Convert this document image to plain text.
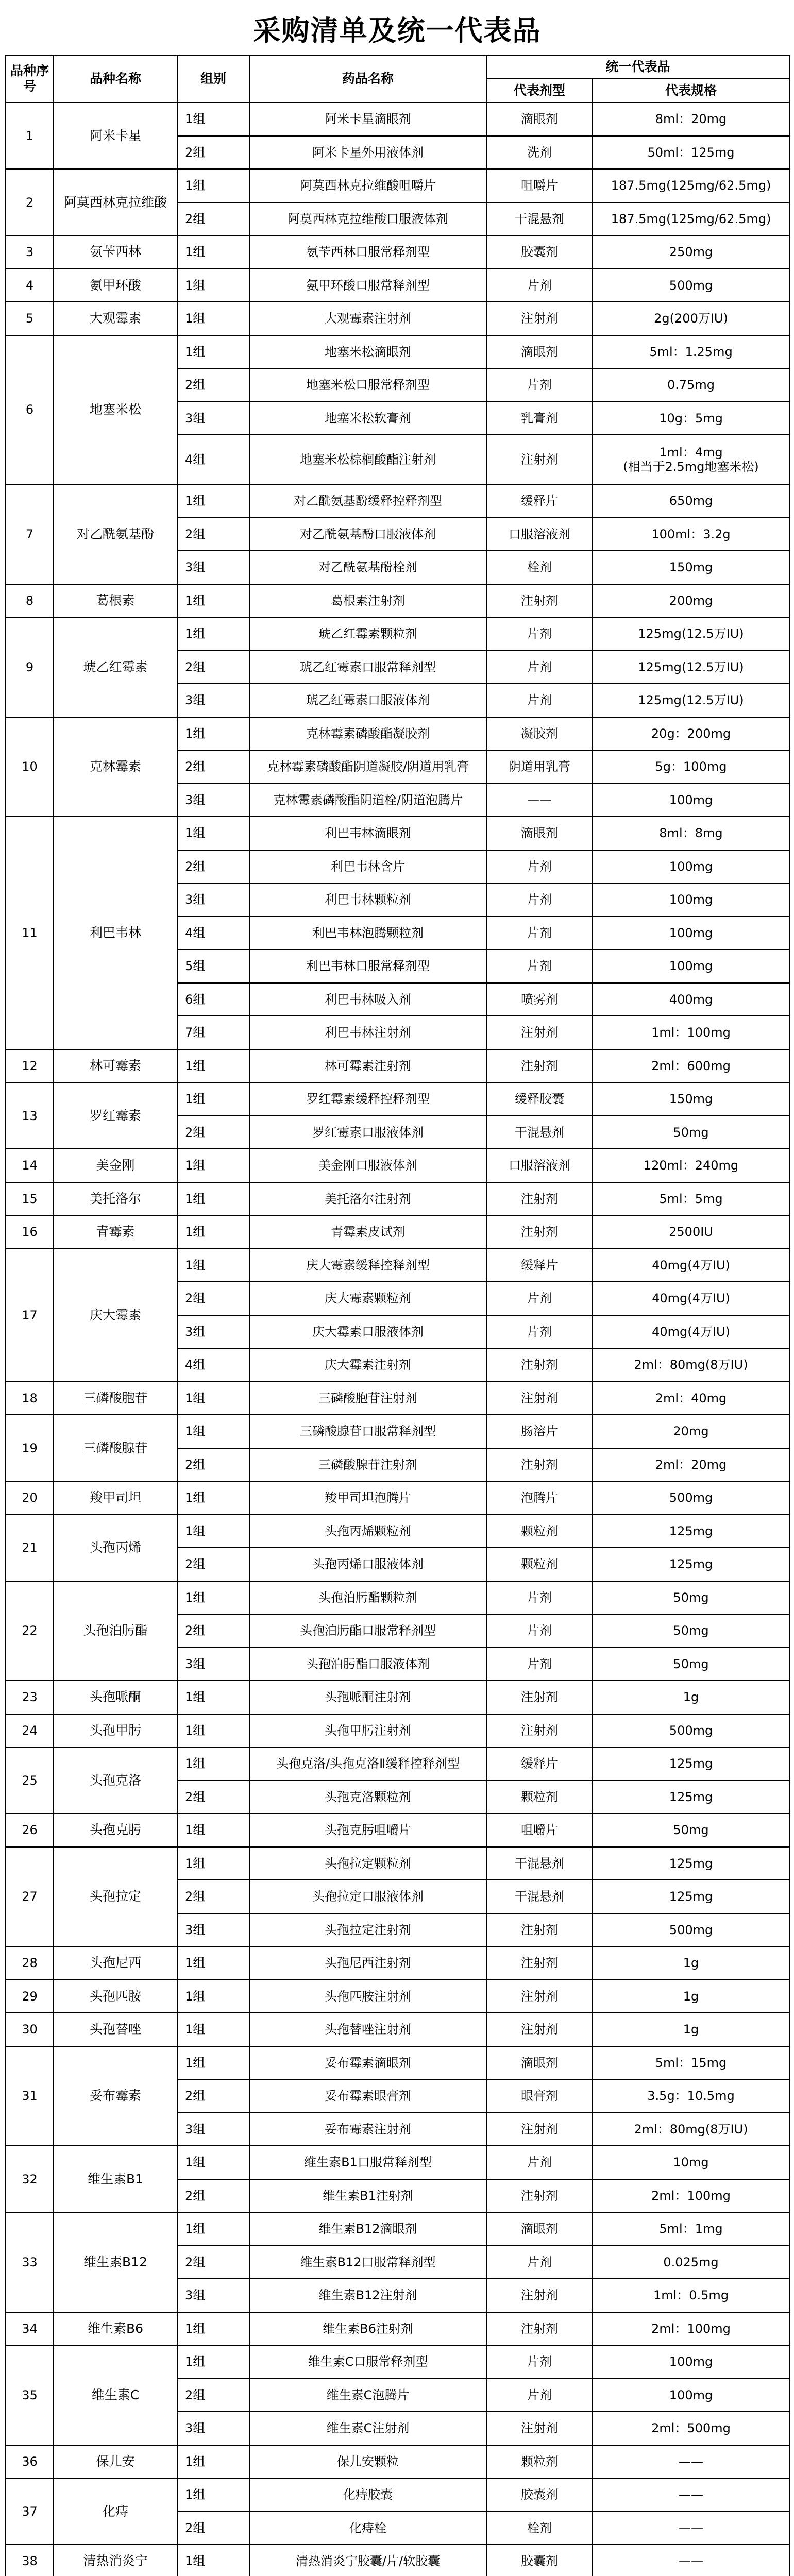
采购清单及统一代表品
品种序号	品种名称	组别	药品名称	统一代表品	
				代表剂型	代表规格
1	阿米卡星	1组	阿米卡星滴眼剂	滴眼剂	8ml：20mg
		2组	阿米卡星外用液体剂	洗剂	50ml：125mg
2	阿莫西林克拉维酸	1组	阿莫西林克拉维酸咀嚼片	咀嚼片	187.5mg(125mg/62.5mg)
		2组	阿莫西林克拉维酸口服液体剂	干混悬剂	187.5mg(125mg/62.5mg)
3	氨苄西林	1组	氨苄西林口服常释剂型	胶囊剂	250mg
4	氨甲环酸	1组	氨甲环酸口服常释剂型	片剂	500mg
5	大观霉素	1组	大观霉素注射剂	注射剂	2g(200万IU)
6	地塞米松	1组	地塞米松滴眼剂	滴眼剂	5ml：1.25mg
		2组	地塞米松口服常释剂型	片剂	0.75mg
		3组	地塞米松软膏剂	乳膏剂	10g：5mg
		4组	地塞米松棕榈酸酯注射剂	注射剂	1ml：4mg
(相当于2.5mg地塞米松)
7	对乙酰氨基酚	1组	对乙酰氨基酚缓释控释剂型	缓释片	650mg
		2组	对乙酰氨基酚口服液体剂	口服溶液剂	100ml：3.2g
		3组	对乙酰氨基酚栓剂	栓剂	150mg
8	葛根素	1组	葛根素注射剂	注射剂	200mg
9	琥乙红霉素	1组	琥乙红霉素颗粒剂	片剂	125mg(12.5万IU)
		2组	琥乙红霉素口服常释剂型	片剂	125mg(12.5万IU)
		3组	琥乙红霉素口服液体剂	片剂	125mg(12.5万IU)
10	克林霉素	1组	克林霉素磷酸酯凝胶剂	凝胶剂	20g：200mg
		2组	克林霉素磷酸酯阴道凝胶/阴道用乳膏	阴道用乳膏	5g：100mg
		3组	克林霉素磷酸酯阴道栓/阴道泡腾片	——	100mg
11	利巴韦林	1组	利巴韦林滴眼剂	滴眼剂	8ml：8mg
		2组	利巴韦林含片	片剂	100mg
		3组	利巴韦林颗粒剂	片剂	100mg
		4组	利巴韦林泡腾颗粒剂	片剂	100mg
		5组	利巴韦林口服常释剂型	片剂	100mg
		6组	利巴韦林吸入剂	喷雾剂	400mg
		7组	利巴韦林注射剂	注射剂	1ml：100mg
12	林可霉素	1组	林可霉素注射剂	注射剂	2ml：600mg
13	罗红霉素	1组	罗红霉素缓释控释剂型	缓释胶囊	150mg
		2组	罗红霉素口服液体剂	干混悬剂	50mg
14	美金刚	1组	美金刚口服液体剂	口服溶液剂	120ml：240mg
15	美托洛尔	1组	美托洛尔注射剂	注射剂	5ml：5mg
16	青霉素	1组	青霉素皮试剂	注射剂	2500IU
17	庆大霉素	1组	庆大霉素缓释控释剂型	缓释片	40mg(4万IU)
		2组	庆大霉素颗粒剂	片剂	40mg(4万IU)
		3组	庆大霉素口服液体剂	片剂	40mg(4万IU)
		4组	庆大霉素注射剂	注射剂	2ml：80mg(8万IU)
18	三磷酸胞苷	1组	三磷酸胞苷注射剂	注射剂	2ml：40mg
19	三磷酸腺苷	1组	三磷酸腺苷口服常释剂型	肠溶片	20mg
		2组	三磷酸腺苷注射剂	注射剂	2ml：20mg
20	羧甲司坦	1组	羧甲司坦泡腾片	泡腾片	500mg
21	头孢丙烯	1组	头孢丙烯颗粒剂	颗粒剂	125mg
		2组	头孢丙烯口服液体剂	颗粒剂	125mg
22	头孢泊肟酯	1组	头孢泊肟酯颗粒剂	片剂	50mg
		2组	头孢泊肟酯口服常释剂型	片剂	50mg
		3组	头孢泊肟酯口服液体剂	片剂	50mg
23	头孢哌酮	1组	头孢哌酮注射剂	注射剂	1g
24	头孢甲肟	1组	头孢甲肟注射剂	注射剂	500mg
25	头孢克洛	1组	头孢克洛/头孢克洛Ⅱ缓释控释剂型	缓释片	125mg
		2组	头孢克洛颗粒剂	颗粒剂	125mg
26	头孢克肟	1组	头孢克肟咀嚼片	咀嚼片	50mg
27	头孢拉定	1组	头孢拉定颗粒剂	干混悬剂	125mg
		2组	头孢拉定口服液体剂	干混悬剂	125mg
		3组	头孢拉定注射剂	注射剂	500mg
28	头孢尼西	1组	头孢尼西注射剂	注射剂	1g
29	头孢匹胺	1组	头孢匹胺注射剂	注射剂	1g
30	头孢替唑	1组	头孢替唑注射剂	注射剂	1g
31	妥布霉素	1组	妥布霉素滴眼剂	滴眼剂	5ml：15mg
		2组	妥布霉素眼膏剂	眼膏剂	3.5g：10.5mg
		3组	妥布霉素注射剂	注射剂	2ml：80mg(8万IU)
32	维生素B1	1组	维生素B1口服常释剂型	片剂	10mg
		2组	维生素B1注射剂	注射剂	2ml：100mg
33	维生素B12	1组	维生素B12滴眼剂	滴眼剂	5ml：1mg
		2组	维生素B12口服常释剂型	片剂	0.025mg
		3组	维生素B12注射剂	注射剂	1ml：0.5mg
34	维生素B6	1组	维生素B6注射剂	注射剂	2ml：100mg
35	维生素C	1组	维生素C口服常释剂型	片剂	100mg
		2组	维生素C泡腾片	片剂	100mg
		3组	维生素C注射剂	注射剂	2ml：500mg
36	保儿安	1组	保儿安颗粒	颗粒剂	——
37	化痔	1组	化痔胶囊	胶囊剂	——
		2组	化痔栓	栓剂	——
38	清热消炎宁	1组	清热消炎宁胶囊/片/软胶囊	胶囊剂	——
